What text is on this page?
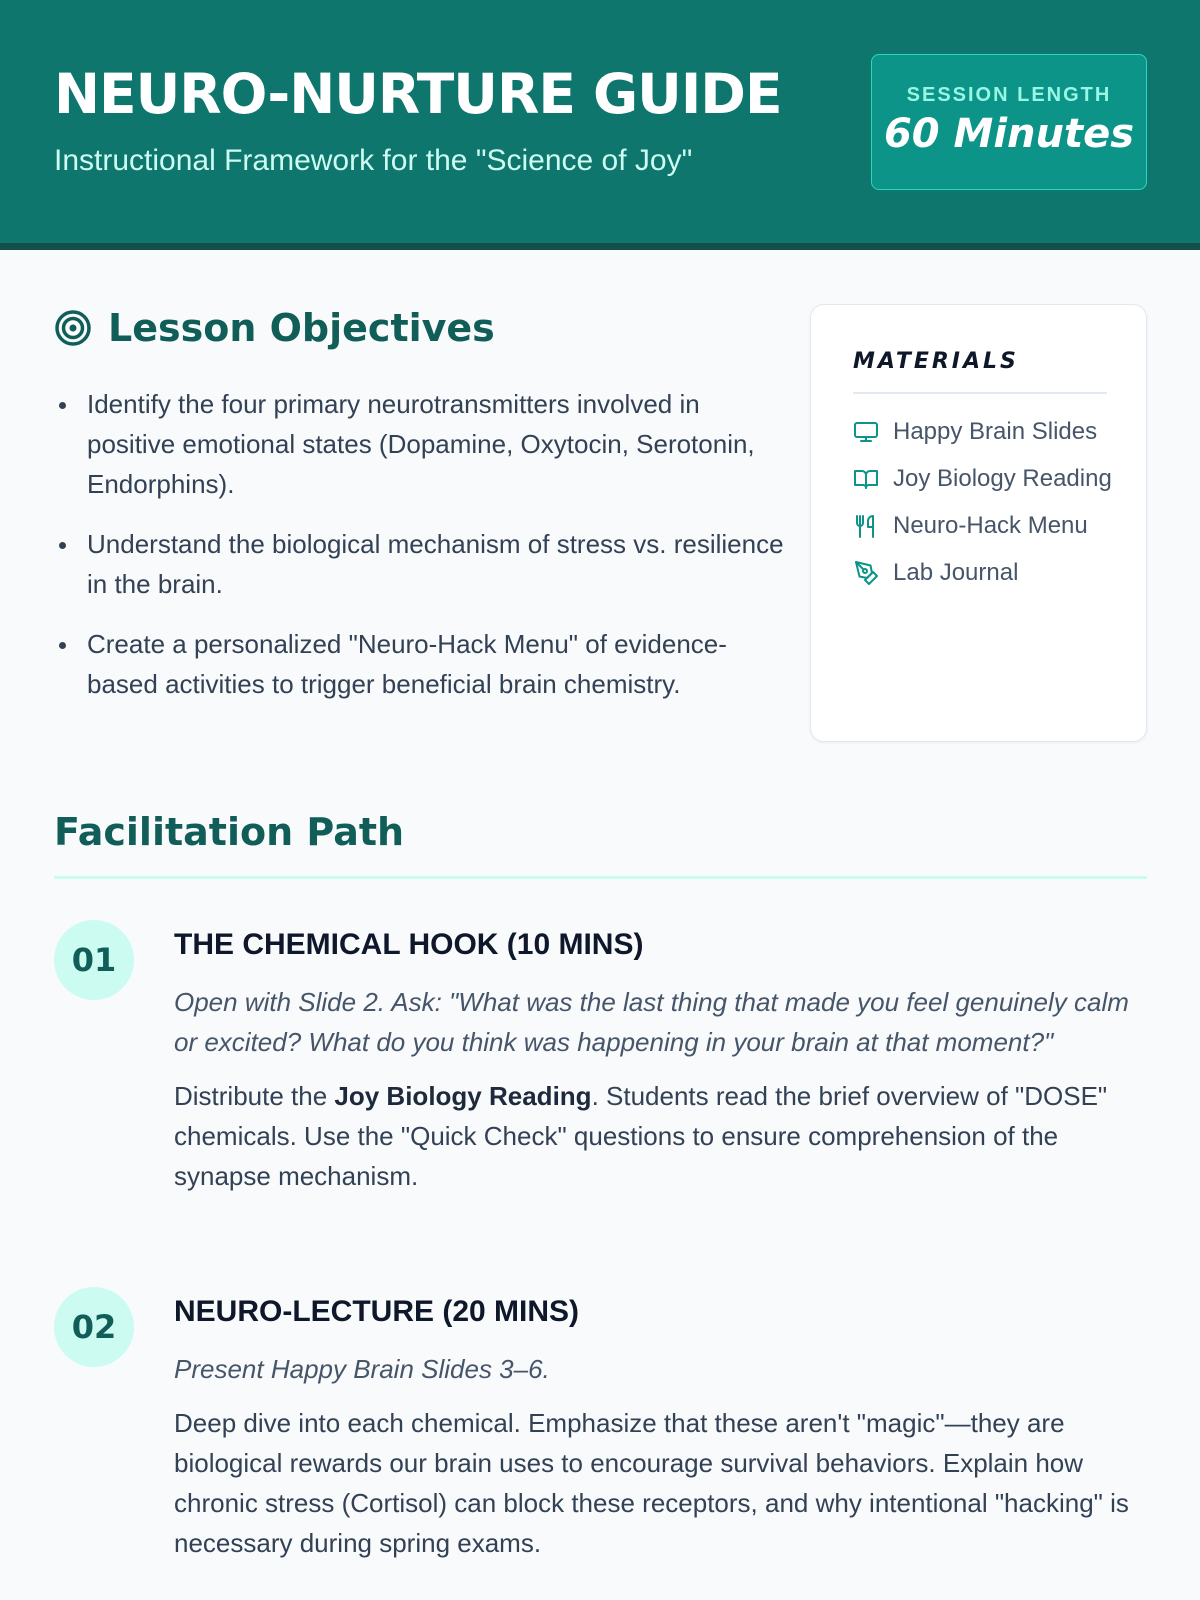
NEURO-NURTURE GUIDE
Instructional Framework for the "Science of Joy"
SESSION LENGTH
60 Minutes
Lesson Objectives
Identify the four primary neurotransmitters involved in positive emotional states (Dopamine, Oxytocin, Serotonin, Endorphins).
Understand the biological mechanism of stress vs. resilience in the brain.
Create a personalized "Neuro-Hack Menu" of evidence-based activities to trigger beneficial brain chemistry.
MATERIALS
Happy Brain Slides
Joy Biology Reading
Neuro-Hack Menu
Lab Journal
Facilitation Path
01	THE CHEMICAL HOOK (10 MINS)

Open with Slide 2. Ask: "What was the last thing that made you feel genuinely calm or excited? What do you think was happening in your brain at that moment?"

Distribute the Joy Biology Reading. Students read the brief overview of "DOSE" chemicals. Use the "Quick Check" questions to ensure comprehension of the synapse mechanism.

02	NEURO-LECTURE (20 MINS)

Present Happy Brain Slides 3–6.

Deep dive into each chemical. Emphasize that these aren't "magic"—they are biological rewards our brain uses to encourage survival behaviors. Explain how chronic stress (Cortisol) can block these receptors, and why intentional "hacking" is necessary during spring exams.
